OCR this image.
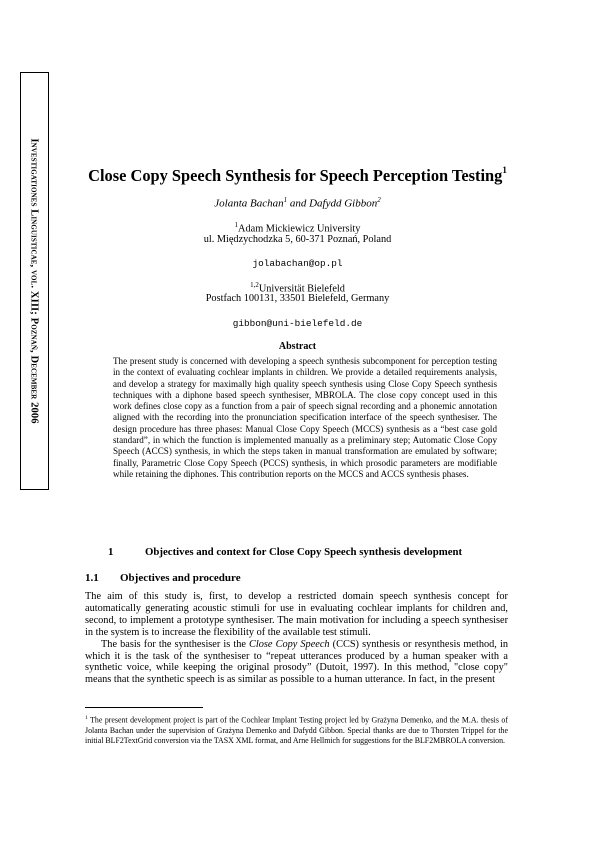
Investigationes Linguisticae, vol. XIII; Poznań, December 2006	Close Copy Speech Synthesis for Speech Perception Testing$^1$
Jolanta Bachan$^1$ and Dafydd Gibbon$^2$
$^1$Adam Mickiewicz University
ul. Międzychodzka 5, 60-371 Poznań, Poland
jolabachan@op.pl
$^{1,2}$Universität Bielefeld
Postfach 100131, 33501 Bielefeld, Germany
gibbon@uni-bielefeld.de
Abstract
The present study is concerned with developing a speech synthesis subcomponent for perception testing in the context of evaluating cochlear implants in children. We provide a detailed requirements analysis, and develop a strategy for maximally high quality speech synthesis using Close Copy Speech synthesis techniques with a diphone based speech synthesiser, MBROLA. The close copy concept used in this work defines close copy as a function from a pair of speech signal recording and a phonemic annotation aligned with the recording into the pronunciation specification interface of the speech synthesiser. The design procedure has three phases: Manual Close Copy Speech (MCCS) synthesis as a “best case gold standard”, in which the function is implemented manually as a preliminary step; Automatic Close Copy Speech (ACCS) synthesis, in which the steps taken in manual transformation are emulated by software; finally, Parametric Close Copy Speech (PCCS) synthesis, in which prosodic parameters are modifiable while retaining the diphones. This contribution reports on the MCCS and ACCS synthesis phases.
1	Objectives and context for Close Copy Speech synthesis development
1.1 Objectives and procedure

The aim of this study is, first, to develop a restricted domain speech synthesis concept for automatically generating acoustic stimuli for use in evaluating cochlear implants for children and, second, to implement a prototype synthesiser. The main motivation for including a speech synthesiser in the system is to increase the flexibility of the available test stimuli.

The basis for the synthesiser is the Close Copy Speech (CCS) synthesis or resynthesis method, in which it is the task of the synthesiser to “repeat utterances produced by a human speaker with a synthetic voice, while keeping the original prosody” (Dutoit, 1997). In this method, "close copy" means that the synthetic speech is as similar as possible to a human utterance. In fact, in the present

$^1$ The present development project is part of the Cochlear Implant Testing project led by Grażyna Demenko, and the M.A. thesis of Jolanta Bachan under the supervision of Grażyna Demenko and Dafydd Gibbon. Special thanks are due to Thorsten Trippel for the initial BLF2TextGrid conversion via the TASX XML format, and Arne Hellmich for suggestions for the BLF2MBROLA conversion.
